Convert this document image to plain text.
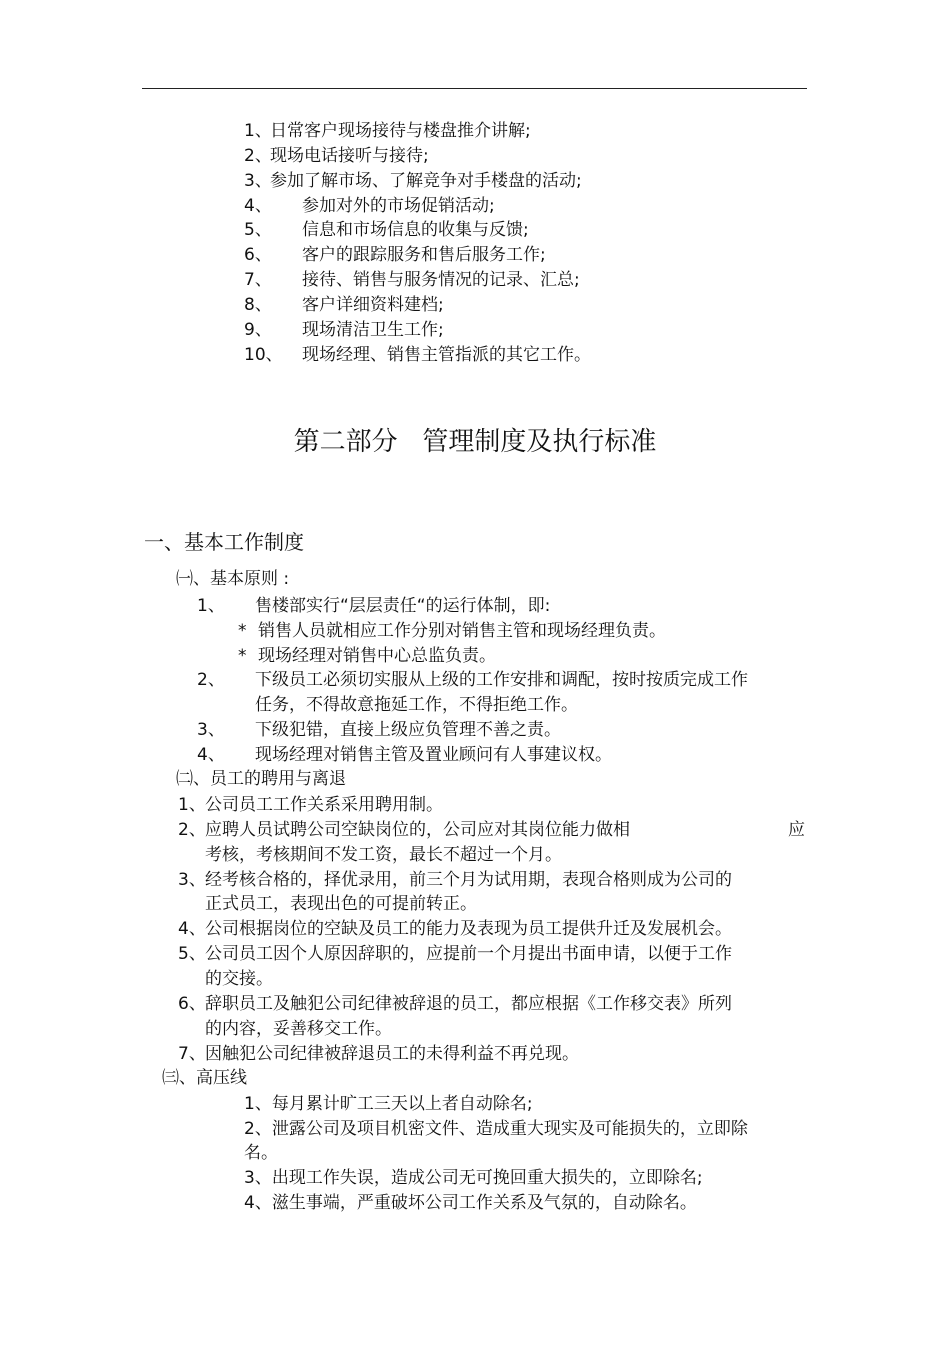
1、
日常客户现场接待与楼盘推介讲解;
2、
现场电话接听与接待;
3、
参加了解市场、了解竞争对手楼盘的活动;
4、 参加对外的市场促销活动;
5、 信息和市场信息的收集与反馈;
6、 客户的跟踪服务和售后服务工作;
7、 接待、销售与服务情况的记录、汇总;
8、 客户详细资料建档;
9、 现场清洁卫生工作;
10、 现场经理、销售主管指派的其它工作。
第二部分   管理制度及执行标准
一、基本工作制度
㈠、基本原则 :
1、 售楼部实行“层层责任“的运行体制，即:
* 销售人员就相应工作分别对销售主管和现场经理负责。
* 现场经理对销售中心总监负责。
2、 下级员工必须切实服从上级的工作安排和调配，按时按质完成工作
任务，不得故意拖延工作，不得拒绝工作。
3、 下级犯错，直接上级应负管理不善之责。
4、 现场经理对销售主管及置业顾问有人事建议权。
㈡、员工的聘用与离退
1、 公司员工工作关系采用聘用制。
2、 应聘人员试聘公司空缺岗位的，公司应对其岗位能力做相	应
考核，考核期间不发工资，最长不超过一个月。
3、 经考核合格的，择优录用，前三个月为试用期，表现合格则成为公司的
正式员工，表现出色的可提前转正。
4、 公司根据岗位的空缺及员工的能力及表现为员工提供升迁及发展机会。
5、 公司员工因个人原因辞职的，应提前一个月提出书面申请，以便于工作
的交接。
6、 辞职员工及触犯公司纪律被辞退的员工，都应根据《工作移交表》所列
的内容，妥善移交工作。
7、 因触犯公司纪律被辞退员工的未得利益不再兑现。
㈢、高压线
1、每月累计旷工三天以上者自动除名;
2、泄露公司及项目机密文件、造成重大现实及可能损失的，立即除
名。
3、出现工作失误，造成公司无可挽回重大损失的，立即除名;
4、滋生事端，严重破坏公司工作关系及气氛的，自动除名。
